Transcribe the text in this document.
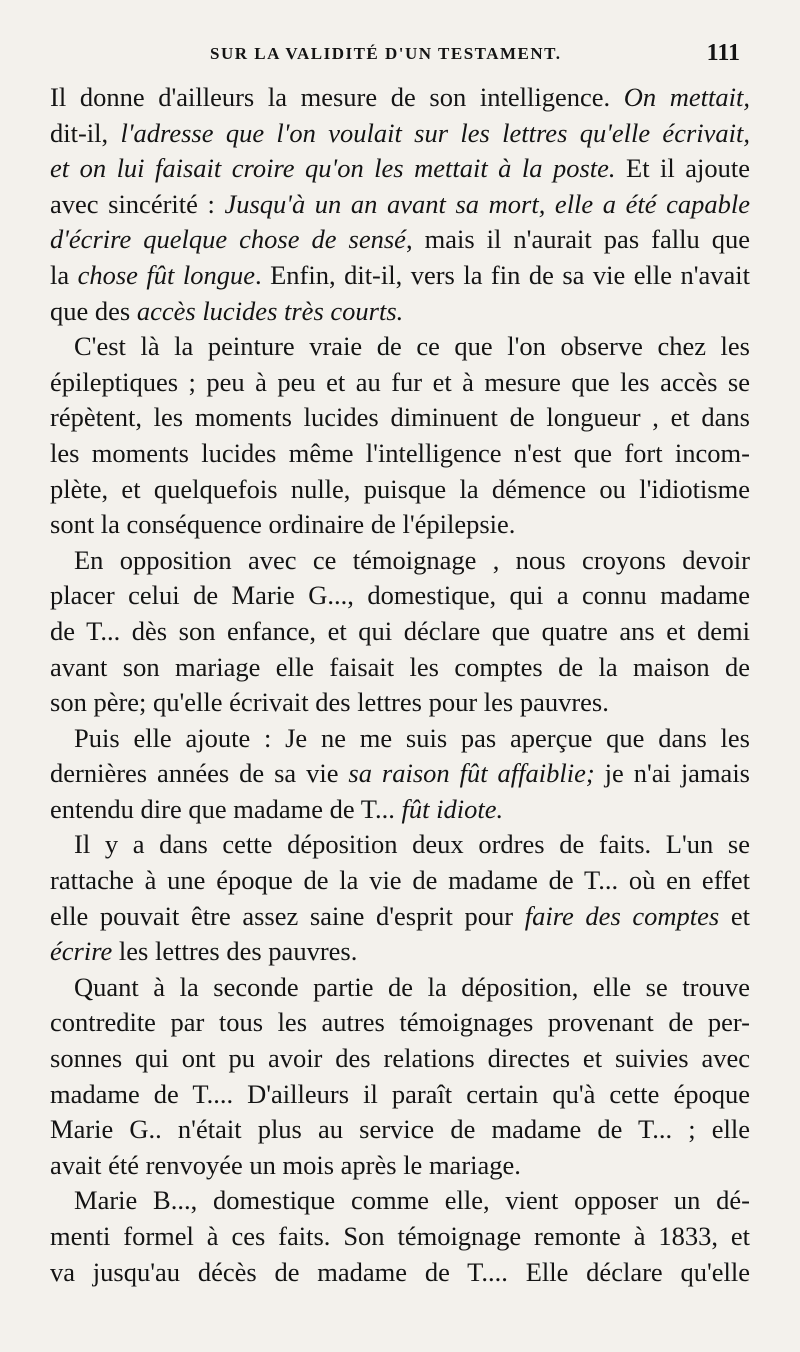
SUR LA VALIDITÉ D'UN TESTAMENT.	111
Il donne d'ailleurs la mesure de son intelligence. On mettait,
dit-il, l'adresse que l'on voulait sur les lettres qu'elle écrivait,
et on lui faisait croire qu'on les mettait à la poste. Et il ajoute
avec sincérité : Jusqu'à un an avant sa mort, elle a été capable
d'écrire quelque chose de sensé, mais il n'aurait pas fallu que
la chose fût longue. Enfin, dit-il, vers la fin de sa vie elle n'avait
que des accès lucides très courts.
C'est là la peinture vraie de ce que l'on observe chez les
épileptiques ; peu à peu et au fur et à mesure que les accès se
répètent, les moments lucides diminuent de longueur , et dans
les moments lucides même l'intelligence n'est que fort incom-
plète, et quelquefois nulle, puisque la démence ou l'idiotisme
sont la conséquence ordinaire de l'épilepsie.
En opposition avec ce témoignage , nous croyons devoir
placer celui de Marie G..., domestique, qui a connu madame
de T... dès son enfance, et qui déclare que quatre ans et demi
avant son mariage elle faisait les comptes de la maison de
son père; qu'elle écrivait des lettres pour les pauvres.
Puis elle ajoute : Je ne me suis pas aperçue que dans les
dernières années de sa vie sa raison fût affaiblie; je n'ai jamais
entendu dire que madame de T... fût idiote.
Il y a dans cette déposition deux ordres de faits. L'un se
rattache à une époque de la vie de madame de T... où en effet
elle pouvait être assez saine d'esprit pour faire des comptes et
écrire les lettres des pauvres.
Quant à la seconde partie de la déposition, elle se trouve
contredite par tous les autres témoignages provenant de per-
sonnes qui ont pu avoir des relations directes et suivies avec
madame de T.... D'ailleurs il paraît certain qu'à cette époque
Marie G.. n'était plus au service de madame de T... ; elle
avait été renvoyée un mois après le mariage.
Marie B..., domestique comme elle, vient opposer un dé-
menti formel à ces faits. Son témoignage remonte à 1833, et
va jusqu'au décès de madame de T.... Elle déclare qu'elle
